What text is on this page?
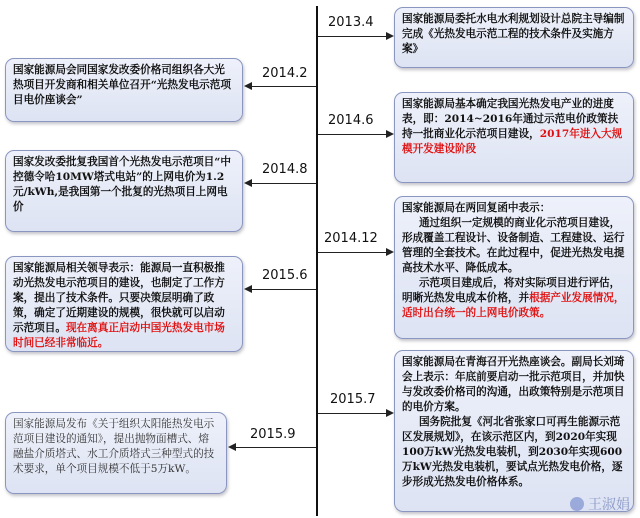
2013.4	国家能源局委托水电水利规划设计总院主导编制完成《光热发电示范工程的技术条件及实施方案》

2014.2

国家能源局会同国家发改委价格司组织各大光热项目开发商和相关单位召开“光热发电示范项目电价座谈会”

2014.6

国家能源局基本确定我国光热发电产业的进度表，即：2014~2016年通过示范电价政策扶持一批商业化示范项目建设，2017年进入大规模开发建设阶段

2014.8

国家发改委批复我国首个光热发电示范项目“中控德令哈10MW塔式电站”的上网电价为1.2元/kWh,是我国第一个批复的光热项目上网电价

2014.12

国家能源局在两回复函中表示：

通过组织一定规模的商业化示范项目建设，形成覆盖工程设计、设备制造、工程建设、运行管理的全套技术。在此过程中，促进光热发电提高技术水平、降低成本。

示范项目建成后，将对实际项目进行评估，明晰光热发电成本价格，并根据产业发展情况，适时出台统一的上网电价政策。

2015.6

国家能源局相关领导表示：能源局一直积极推动光热发电示范项目的建设，也制定了工作方案，提出了技术条件。只要决策层明确了政策，确定了近期建设的规模，很快就可以启动示范项目。现在离真正启动中国光热发电市场时间已经非常临近。

2015.7

国家能源局在青海召开光热座谈会。副局长刘琦会上表示：年底前要启动一批示范项目，并加快与发改委价格司的沟通，出政策特别是示范项目的电价方案。

国务院批复《河北省张家口可再生能源示范区发展规划》，在该示范区内，到2020年实现100万kW光热发电装机，到2030年实现600万kW光热发电装机，要试点光热发电价格，逐步形成光热发电价格体系。

2015.9

国家能源局发布《关于组织太阳能热发电示范项目建设的通知》，提出抛物面槽式、熔融盐介质塔式、水工介质塔式三种型式的技术要求，单个项目规模不低于5万kW。

王淑娟
